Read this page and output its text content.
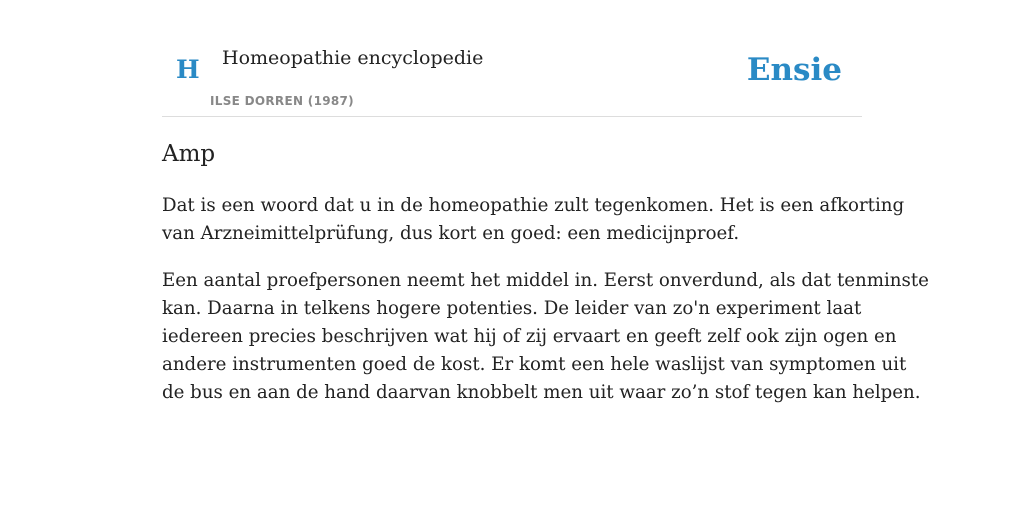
H Homeopathie encyclopedie
ILSE DORREN (1987)
Ensie
Amp

Dat is een woord dat u in de homeopathie zult tegenkomen. Het is een afkorting
van Arzneimittelprüfung, dus kort en goed: een medicijnproef.

Een aantal proefpersonen neemt het middel in. Eerst onverdund, als dat tenminste
kan. Daarna in telkens hogere potenties. De leider van zo'n experiment laat
iedereen precies beschrijven wat hij of zij ervaart en geeft zelf ook zijn ogen en
andere instrumenten goed de kost. Er komt een hele waslijst van symptomen uit
de bus en aan de hand daarvan knobbelt men uit waar zo’n stof tegen kan helpen.
